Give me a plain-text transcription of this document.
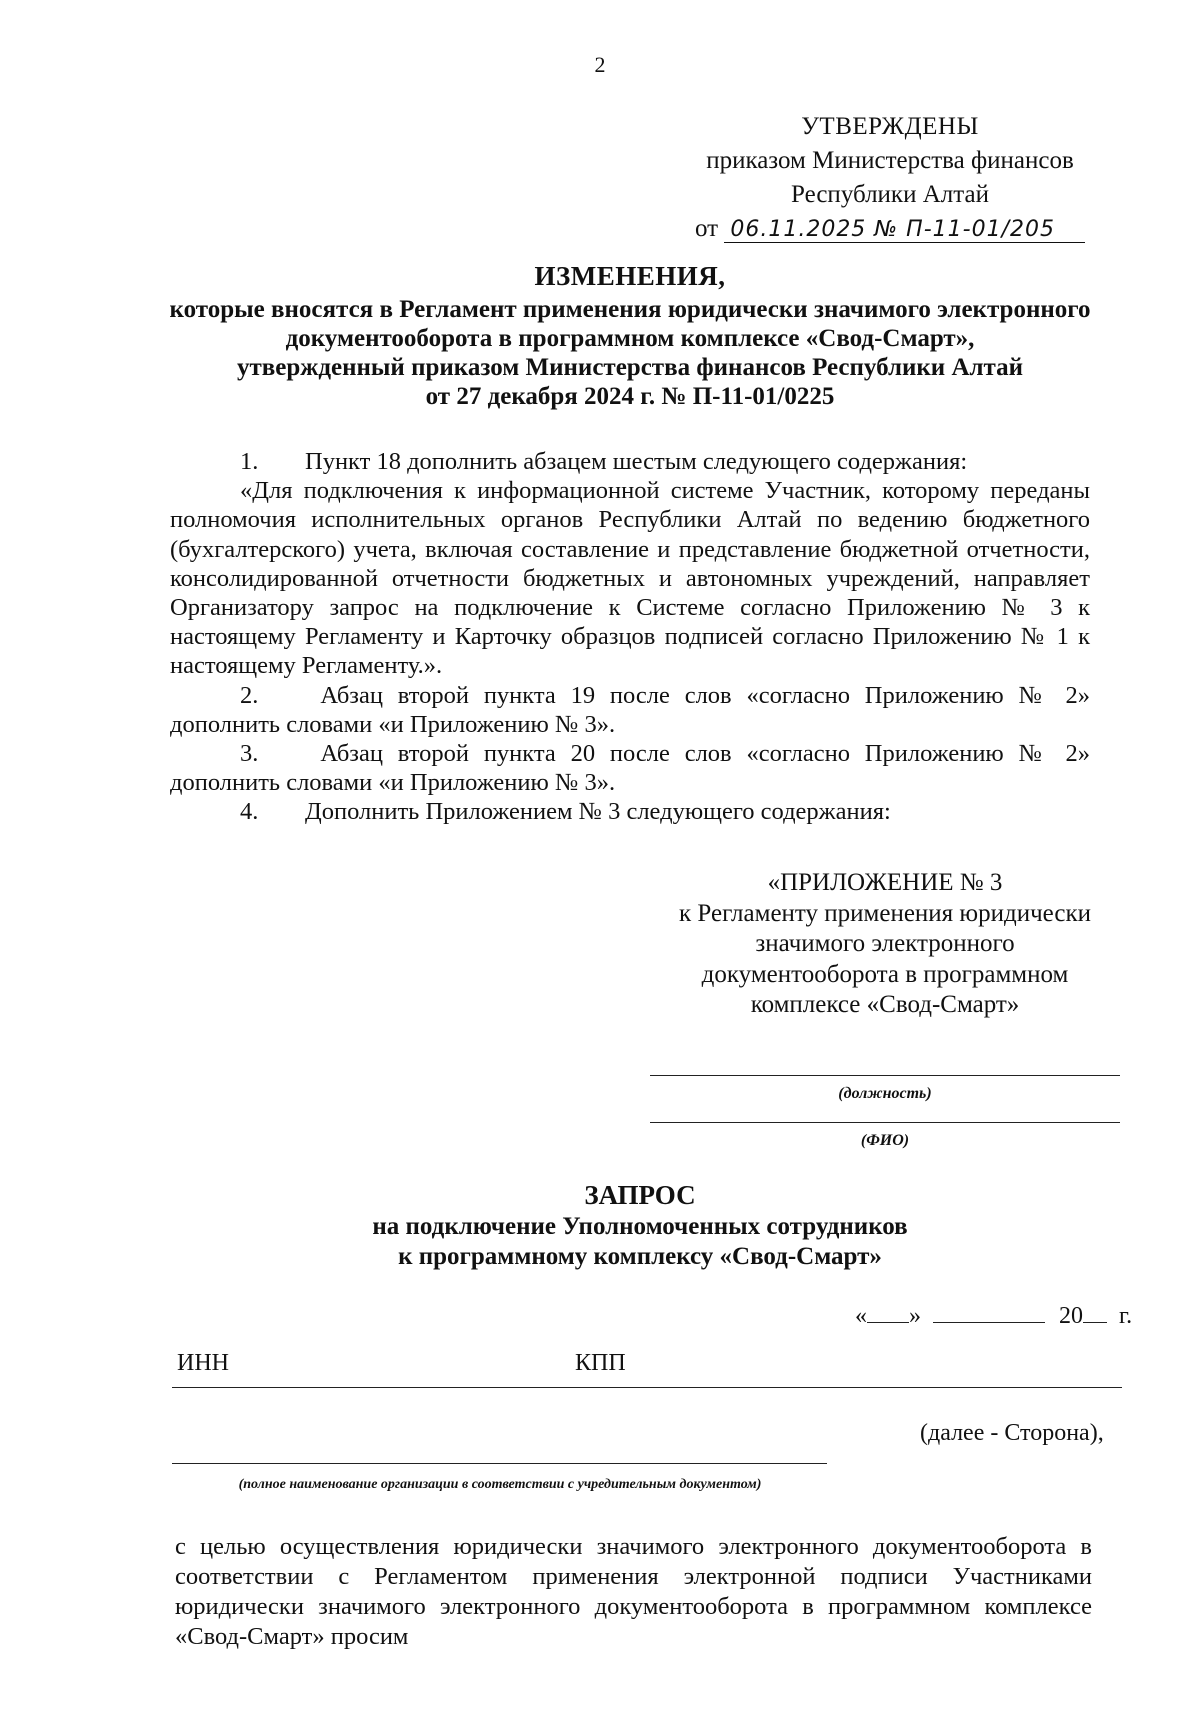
2
УТВЕРЖДЕНЫ
приказом Министерства финансов
Республики Алтай
от 06.11.2025 № П-11-01/205
ИЗМЕНЕНИЯ,
которые вносятся в Регламент применения юридически значимого электронного
документооборота в программном комплексе «Свод-Смарт»,
утвержденный приказом Министерства финансов Республики Алтай
от 27 декабря 2024 г. № П-11-01/0225
1.	Пункт 18 дополнить абзацем шестым следующего содержания:

«Для подключения к информационной системе Участник, которому переданы полномочия исполнительных органов Республики Алтай по ведению бюджетного (бухгалтерского) учета, включая составление и представление бюджетной отчетности, консолидированной отчетности бюджетных и автономных учреждений, направляет Организатору запрос на подключение к Системе согласно Приложению № 3 к настоящему Регламенту и Карточку образцов подписей согласно Приложению № 1 к настоящему Регламенту.».

2.	Абзац второй пункта 19 после слов «согласно Приложению № 2» дополнить словами «и Приложению № 3».

3.	Абзац второй пункта 20 после слов «согласно Приложению № 2» дополнить словами «и Приложению № 3».

4.	Дополнить Приложением № 3 следующего содержания:
«ПРИЛОЖЕНИЕ № 3
к Регламенту применения юридически
значимого электронного
документооборота в программном
комплексе «Свод-Смарт»
(должность)
(ФИО)
ЗАПРОС
на подключение Уполномоченных сотрудников
к программному комплексу «Свод-Смарт»
« »	20 г.
ИНН	КПП
(далее - Сторона),
(полное наименование организации в соответствии с учредительным документом)

с целью осуществления юридически значимого электронного документооборота в соответствии с Регламентом применения электронной подписи Участниками юридически значимого электронного документооборота в программном комплексе «Свод-Смарт» просим
